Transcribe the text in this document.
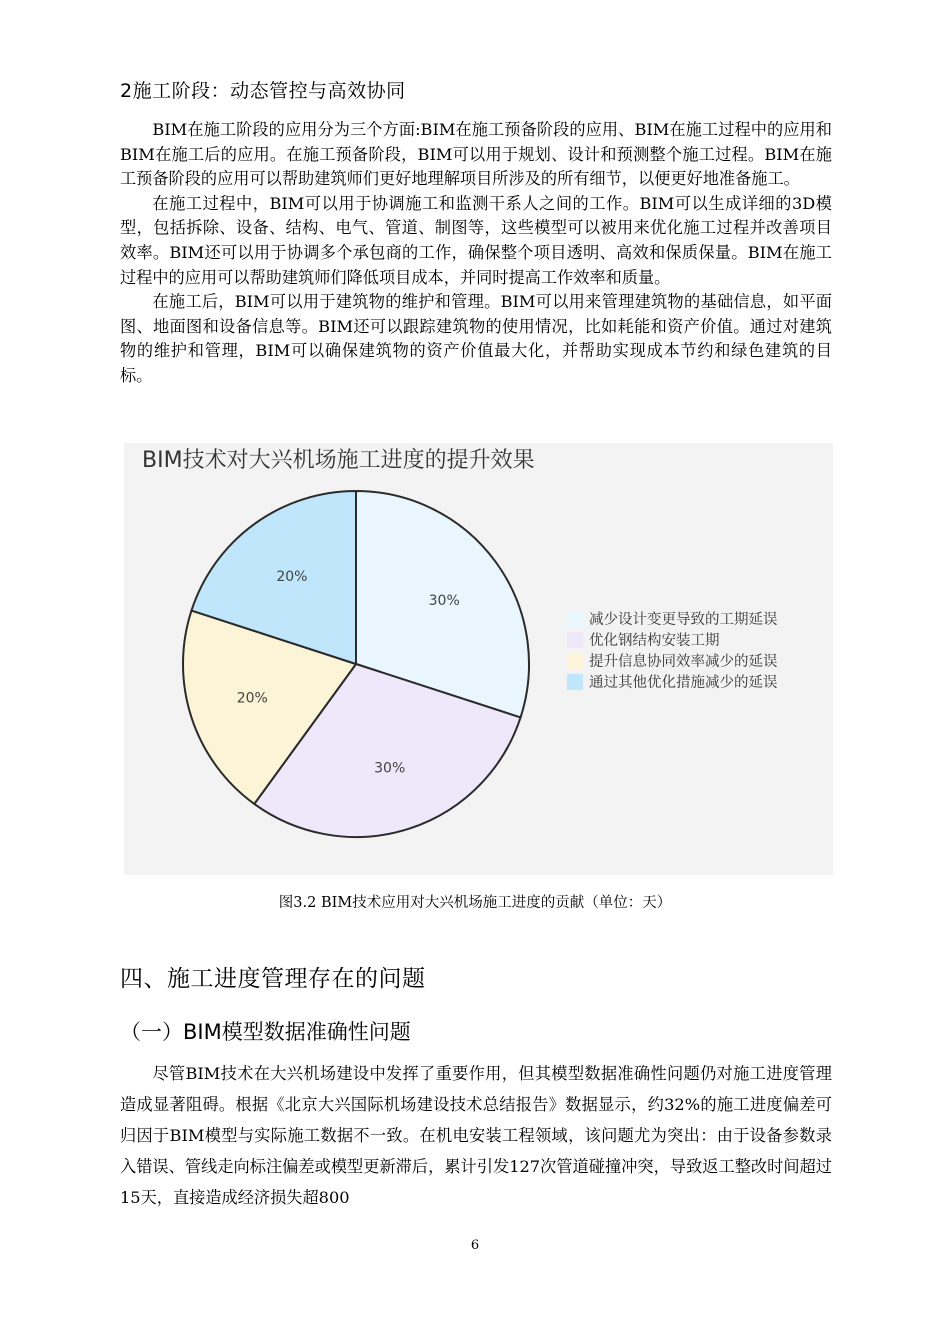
2施工阶段：动态管控与高效协同

BIM在施工阶段的应用分为三个方面:BIM在施工预备阶段的应用、BIM在施工过程中的应用和BIM在施工后的应用。在施工预备阶段，BIM可以用于规划、设计和预测整个施工过程。BIM在施工预备阶段的应用可以帮助建筑师们更好地理解项目所涉及的所有细节，以便更好地准备施工。

在施工过程中，BIM可以用于协调施工和监测干系人之间的工作。BIM可以生成详细的3D模型，包括拆除、设备、结构、电气、管道、制图等，这些模型可以被用来优化施工过程并改善项目效率。BIM还可以用于协调多个承包商的工作，确保整个项目透明、高效和保质保量。BIM在施工过程中的应用可以帮助建筑师们降低项目成本，并同时提高工作效率和质量。

在施工后，BIM可以用于建筑物的维护和管理。BIM可以用来管理建筑物的基础信息，如平面图、地面图和设备信息等。BIM还可以跟踪建筑物的使用情况，比如耗能和资产价值。通过对建筑物的维护和管理，BIM可以确保建筑物的资产价值最大化，并帮助实现成本节约和绿色建筑的目标。

BIM技术对大兴机场施工进度的提升效果
30%
30%
20%
20%
减少设计变更导致的工期延误
优化钢结构安装工期
提升信息协同效率减少的延误
通过其他优化措施减少的延误
图3.2 BIM技术应用对大兴机场施工进度的贡献（单位：天）
四、施工进度管理存在的问题
（一）BIM模型数据准确性问题

尽管BIM技术在大兴机场建设中发挥了重要作用，但其模型数据准确性问题仍对施工进度管理造成显著阻碍。根据《北京大兴国际机场建设技术总结报告》数据显示，约32%的施工进度偏差可归因于BIM模型与实际施工数据不一致。在机电安装工程领域，该问题尤为突出：由于设备参数录入错误、管线走向标注偏差或模型更新滞后，累计引发127次管道碰撞冲突，导致返工整改时间超过15天，直接造成经济损失超800

6
